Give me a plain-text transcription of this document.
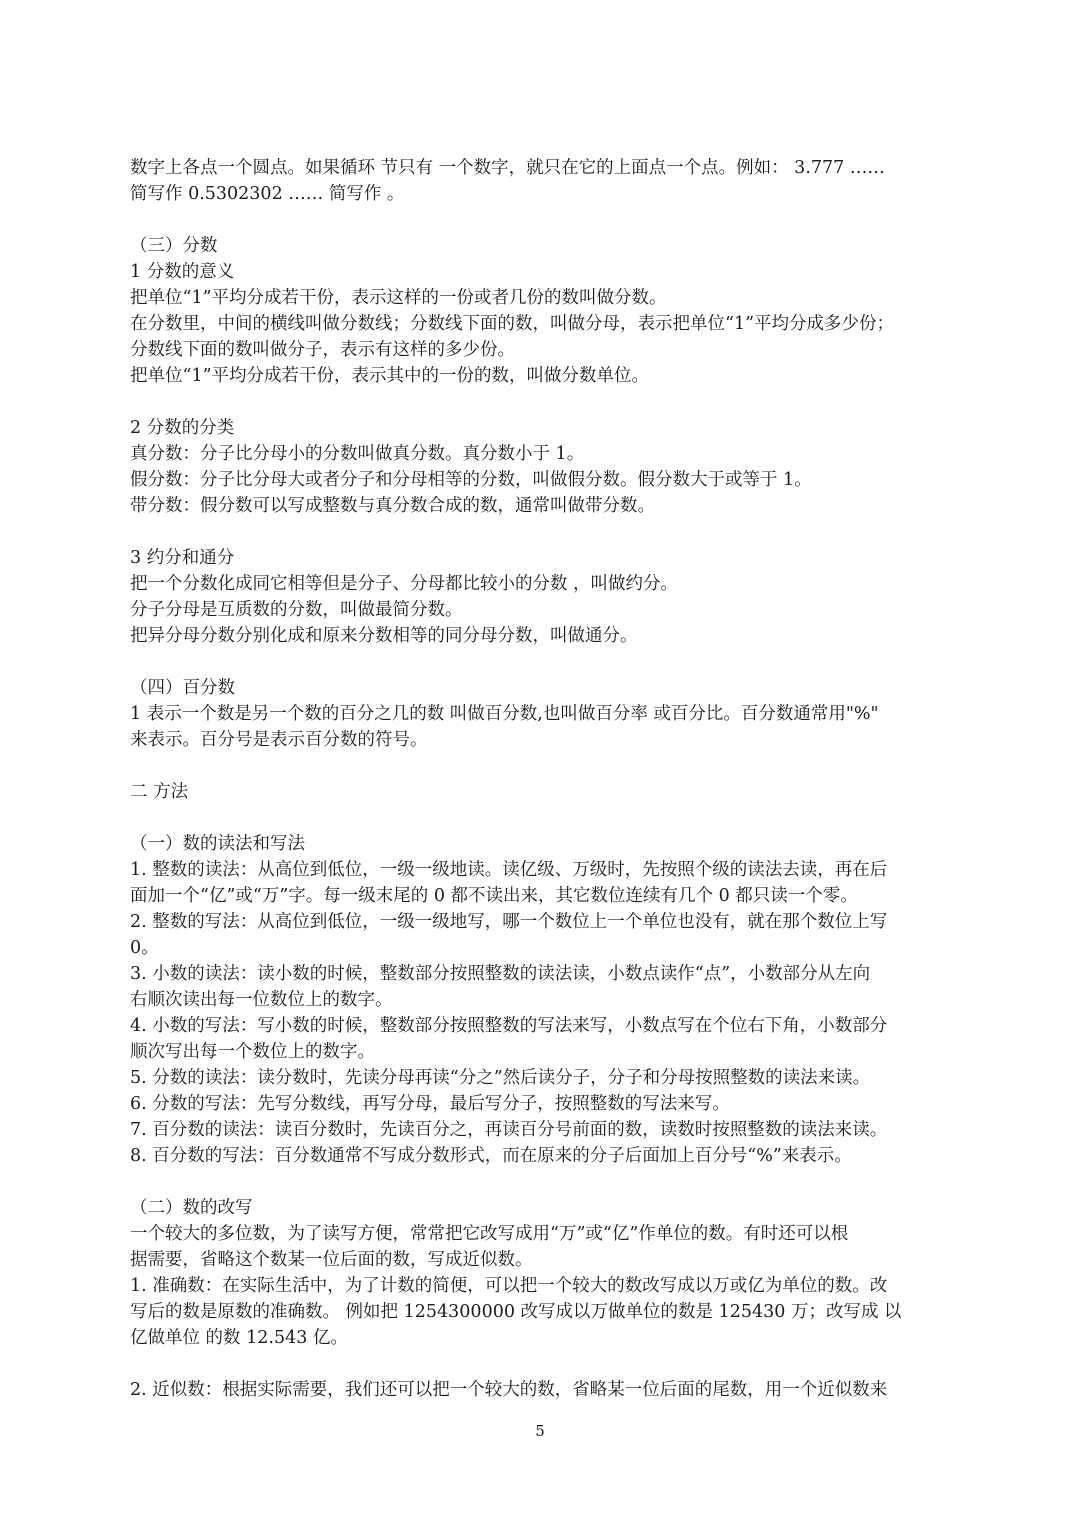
数字上各点一个圆点。如果循环 节只有 一个数字，就只在它的上面点一个点。例如： 3.777 ……
简写作 0.5302302 …… 简写作 。
（三）分数
1 分数的意义
把单位“1”平均分成若干份，表示这样的一份或者几份的数叫做分数。
在分数里，中间的横线叫做分数线；分数线下面的数，叫做分母，表示把单位“1”平均分成多少份；
分数线下面的数叫做分子，表示有这样的多少份。
把单位“1”平均分成若干份，表示其中的一份的数，叫做分数单位。
2 分数的分类
真分数：分子比分母小的分数叫做真分数。真分数小于 1。
假分数：分子比分母大或者分子和分母相等的分数，叫做假分数。假分数大于或等于 1。
带分数：假分数可以写成整数与真分数合成的数，通常叫做带分数。
3 约分和通分
把一个分数化成同它相等但是分子、分母都比较小的分数 ，叫做约分。
分子分母是互质数的分数，叫做最简分数。
把异分母分数分别化成和原来分数相等的同分母分数，叫做通分。
（四）百分数
1 表示一个数是另一个数的百分之几的数 叫做百分数,也叫做百分率 或百分比。百分数通常用"%"
来表示。百分号是表示百分数的符号。
二 方法
（一）数的读法和写法
1. 整数的读法：从高位到低位，一级一级地读。读亿级、万级时，先按照个级的读法去读，再在后
面加一个“亿”或“万”字。每一级末尾的 0 都不读出来，其它数位连续有几个 0 都只读一个零。
2. 整数的写法：从高位到低位，一级一级地写，哪一个数位上一个单位也没有，就在那个数位上写
0。
3. 小数的读法：读小数的时候，整数部分按照整数的读法读，小数点读作“点”，小数部分从左向
右顺次读出每一位数位上的数字。
4. 小数的写法：写小数的时候，整数部分按照整数的写法来写，小数点写在个位右下角，小数部分
顺次写出每一个数位上的数字。
5. 分数的读法：读分数时，先读分母再读“分之”然后读分子，分子和分母按照整数的读法来读。
6. 分数的写法：先写分数线，再写分母，最后写分子，按照整数的写法来写。
7. 百分数的读法：读百分数时，先读百分之，再读百分号前面的数，读数时按照整数的读法来读。
8. 百分数的写法：百分数通常不写成分数形式，而在原来的分子后面加上百分号“%”来表示。
（二）数的改写
一个较大的多位数，为了读写方便，常常把它改写成用“万”或“亿”作单位的数。有时还可以根
据需要，省略这个数某一位后面的数，写成近似数。
1. 准确数：在实际生活中，为了计数的简便，可以把一个较大的数改写成以万或亿为单位的数。改
写后的数是原数的准确数。 例如把 1254300000 改写成以万做单位的数是 125430 万；改写成 以
亿做单位 的数 12.543 亿。
2. 近似数：根据实际需要，我们还可以把一个较大的数，省略某一位后面的尾数，用一个近似数来
5
